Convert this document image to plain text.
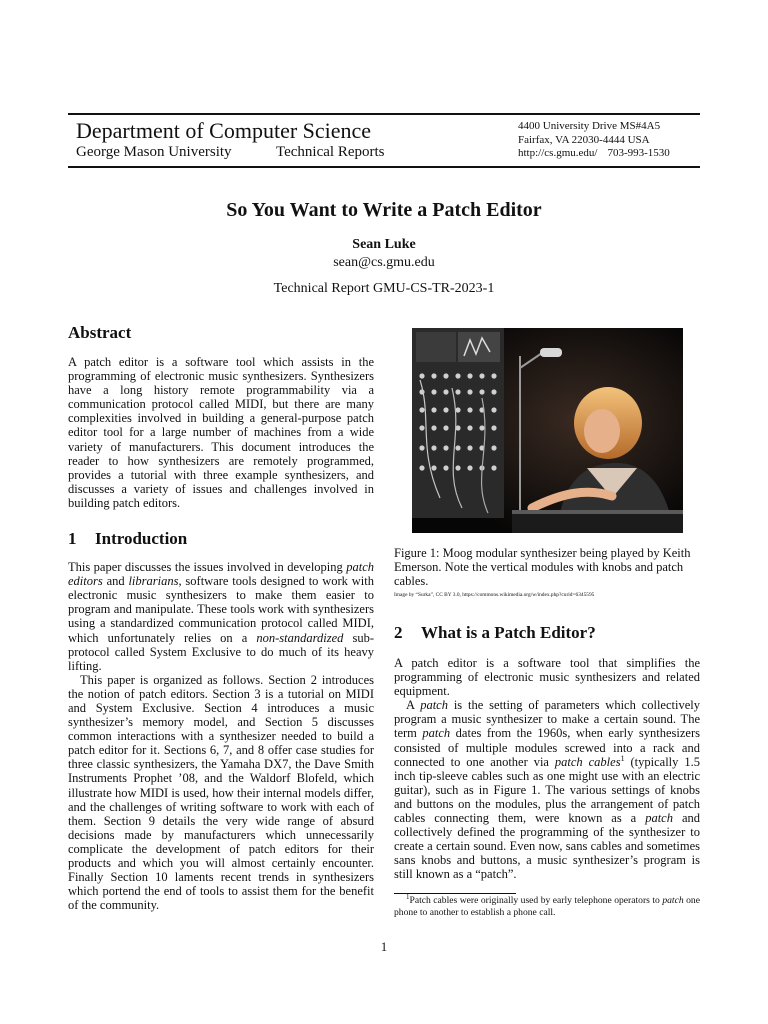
Department of Computer Science
George Mason University	Technical Reports
4400 University Drive MS#4A5
Fairfax, VA 22030-4444 USA
http://cs.gmu.edu/ 703-993-1530
So You Want to Write a Patch Editor
Sean Luke
sean@cs.gmu.edu
Technical Report GMU-CS-TR-2023-1
Abstract

A patch editor is a software tool which assists in the programming of electronic music synthesizers. Synthesizers have a long history remote programmability via a communication protocol called MIDI, but there are many complexities involved in building a general-purpose patch editor tool for a large number of machines from a wide variety of manufacturers. This document introduces the reader to how synthesizers are remotely programmed, provides a tutorial with three example synthesizers, and discusses a variety of issues and challenges involved in building patch editors.

1 Introduction

This paper discusses the issues involved in developing patch editors and librarians, software tools designed to work with electronic music synthesizers to make them easier to program and manipulate. These tools work with synthesizers using a standardized communication protocol called MIDI, which unfortunately relies on a non-standardized sub-protocol called System Exclusive to do much of its heavy lifting.

This paper is organized as follows. Section 2 introduces the notion of patch editors. Section 3 is a tutorial on MIDI and System Exclusive. Section 4 introduces a music synthesizer’s memory model, and Section 5 discusses common interactions with a synthesizer needed to build a patch editor for it. Sections 6, 7, and 8 offer case studies for three classic synthesizers, the Yamaha DX7, the Dave Smith Instruments Prophet ’08, and the Waldorf Blofeld, which illustrate how MIDI is used, how their internal models differ, and the challenges of writing software to work with each of them. Section 9 details the very wide range of absurd decisions made by manufacturers which unnecessarily complicate the development of patch editors for their products and which you will almost certainly encounter. Finally Section 10 laments recent trends in synthesizers which portend the end of tools to assist them for the benefit of the community.

Figure 1: Moog modular synthesizer being played by Keith Emerson. Note the vertical modules with knobs and patch cables.
Image by “Surka”, CC BY 3.0, https://commons.wikimedia.org/w/index.php?curid=6345595
2 What is a Patch Editor?

A patch editor is a software tool that simplifies the programming of electronic music synthesizers and related equipment.

A patch is the setting of parameters which collectively program a music synthesizer to make a certain sound. The term patch dates from the 1960s, when early synthesizers consisted of multiple modules screwed into a rack and connected to one another via patch cables$^1$ (typically 1.5 inch tip-sleeve cables such as one might use with an electric guitar), such as in Figure 1. The various settings of knobs and buttons on the modules, plus the arrangement of patch cables connecting them, were known as a patch and collectively defined the programming of the synthesizer to create a certain sound. Even now, sans cables and sometimes sans knobs and buttons, a music synthesizer’s program is still known as a “patch”.

$^1$Patch cables were originally used by early telephone operators to patch one phone to another to establish a phone call.

1
